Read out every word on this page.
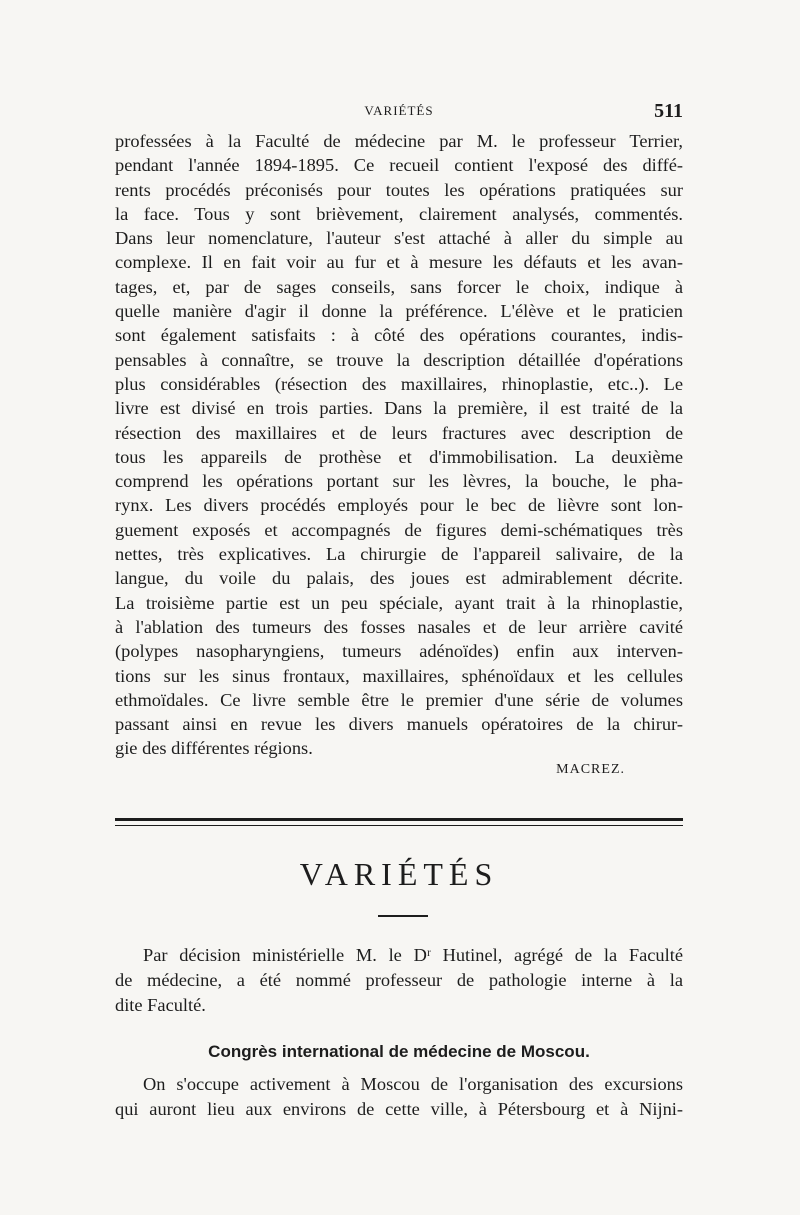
VARIÉTÉS	511
professées à la Faculté de médecine par M. le professeur Terrier,
pendant l'année 1894-1895. Ce recueil contient l'exposé des diffé-
rents procédés préconisés pour toutes les opérations pratiquées sur
la face. Tous y sont brièvement, clairement analysés, commentés.
Dans leur nomenclature, l'auteur s'est attaché à aller du simple au
complexe. Il en fait voir au fur et à mesure les défauts et les avan-
tages, et, par de sages conseils, sans forcer le choix, indique à
quelle manière d'agir il donne la préférence. L'élève et le praticien
sont également satisfaits : à côté des opérations courantes, indis-
pensables à connaître, se trouve la description détaillée d'opérations
plus considérables (résection des maxillaires, rhinoplastie, etc..). Le
livre est divisé en trois parties. Dans la première, il est traité de la
résection des maxillaires et de leurs fractures avec description de
tous les appareils de prothèse et d'immobilisation. La deuxième
comprend les opérations portant sur les lèvres, la bouche, le pha-
rynx. Les divers procédés employés pour le bec de lièvre sont lon-
guement exposés et accompagnés de figures demi-schématiques très
nettes, très explicatives. La chirurgie de l'appareil salivaire, de la
langue, du voile du palais, des joues est admirablement décrite.
La troisième partie est un peu spéciale, ayant trait à la rhinoplastie,
à l'ablation des tumeurs des fosses nasales et de leur arrière cavité
(polypes nasopharyngiens, tumeurs adénoïdes) enfin aux interven-
tions sur les sinus frontaux, maxillaires, sphénoïdaux et les cellules
ethmoïdales. Ce livre semble être le premier d'une série de volumes
passant ainsi en revue les divers manuels opératoires de la chirur-
gie des différentes régions.
MACREZ.
VARIÉTÉS
Par décision ministérielle M. le Dʳ Hutinel, agrégé de la Faculté
de médecine, a été nommé professeur de pathologie interne à la
dite Faculté.
Congrès international de médecine de Moscou.
On s'occupe activement à Moscou de l'organisation des excursions
qui auront lieu aux environs de cette ville, à Pétersbourg et à Nijni-
